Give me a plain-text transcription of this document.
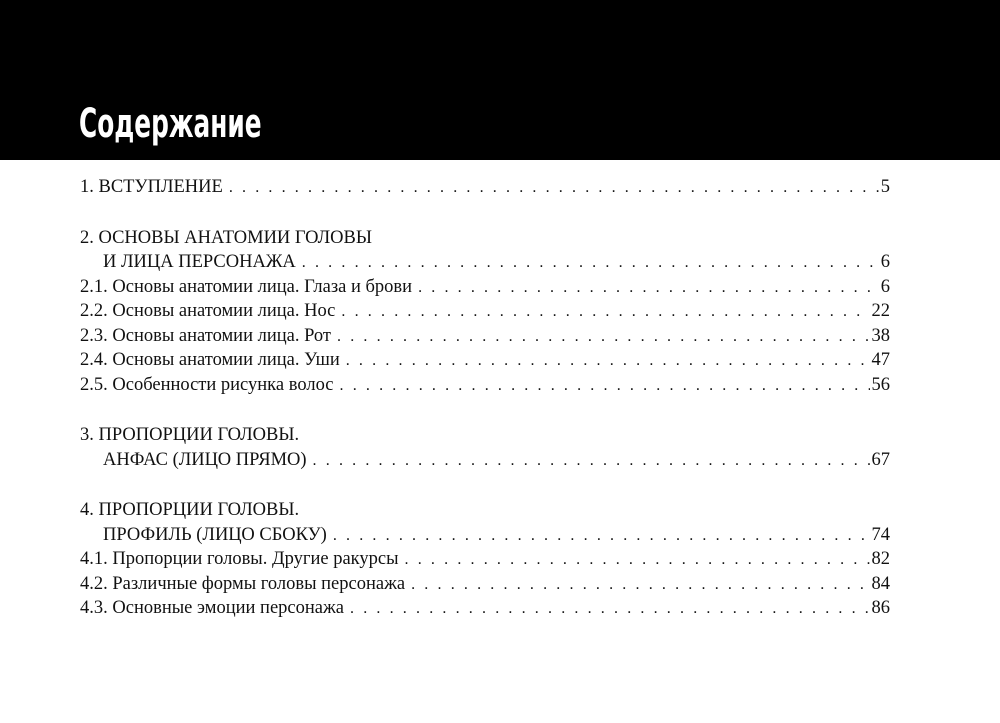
Содержание
1. ВСТУПЛЕНИЕ . . .	5
2. ОСНОВЫ АНАТОМИИ ГОЛОВЫ
И ЛИЦА ПЕРСОНАЖА . . .	6
2.1. Основы анатомии лица. Глаза и брови . . .	6
2.2. Основы анатомии лица. Нос . . .	22
2.3. Основы анатомии лица. Рот . . .	38
2.4. Основы анатомии лица. Уши . . .	47
2.5. Особенности рисунка волос . . .	56
3. ПРОПОРЦИИ ГОЛОВЫ.
АНФАС (ЛИЦО ПРЯМО) . . .	67
4. ПРОПОРЦИИ ГОЛОВЫ.
ПРОФИЛЬ (ЛИЦО СБОКУ) . . .	74
4.1. Пропорции головы. Другие ракурсы . . .	82
4.2. Различные формы головы персонажа . . .	84
4.3. Основные эмоции персонажа . . .	86
